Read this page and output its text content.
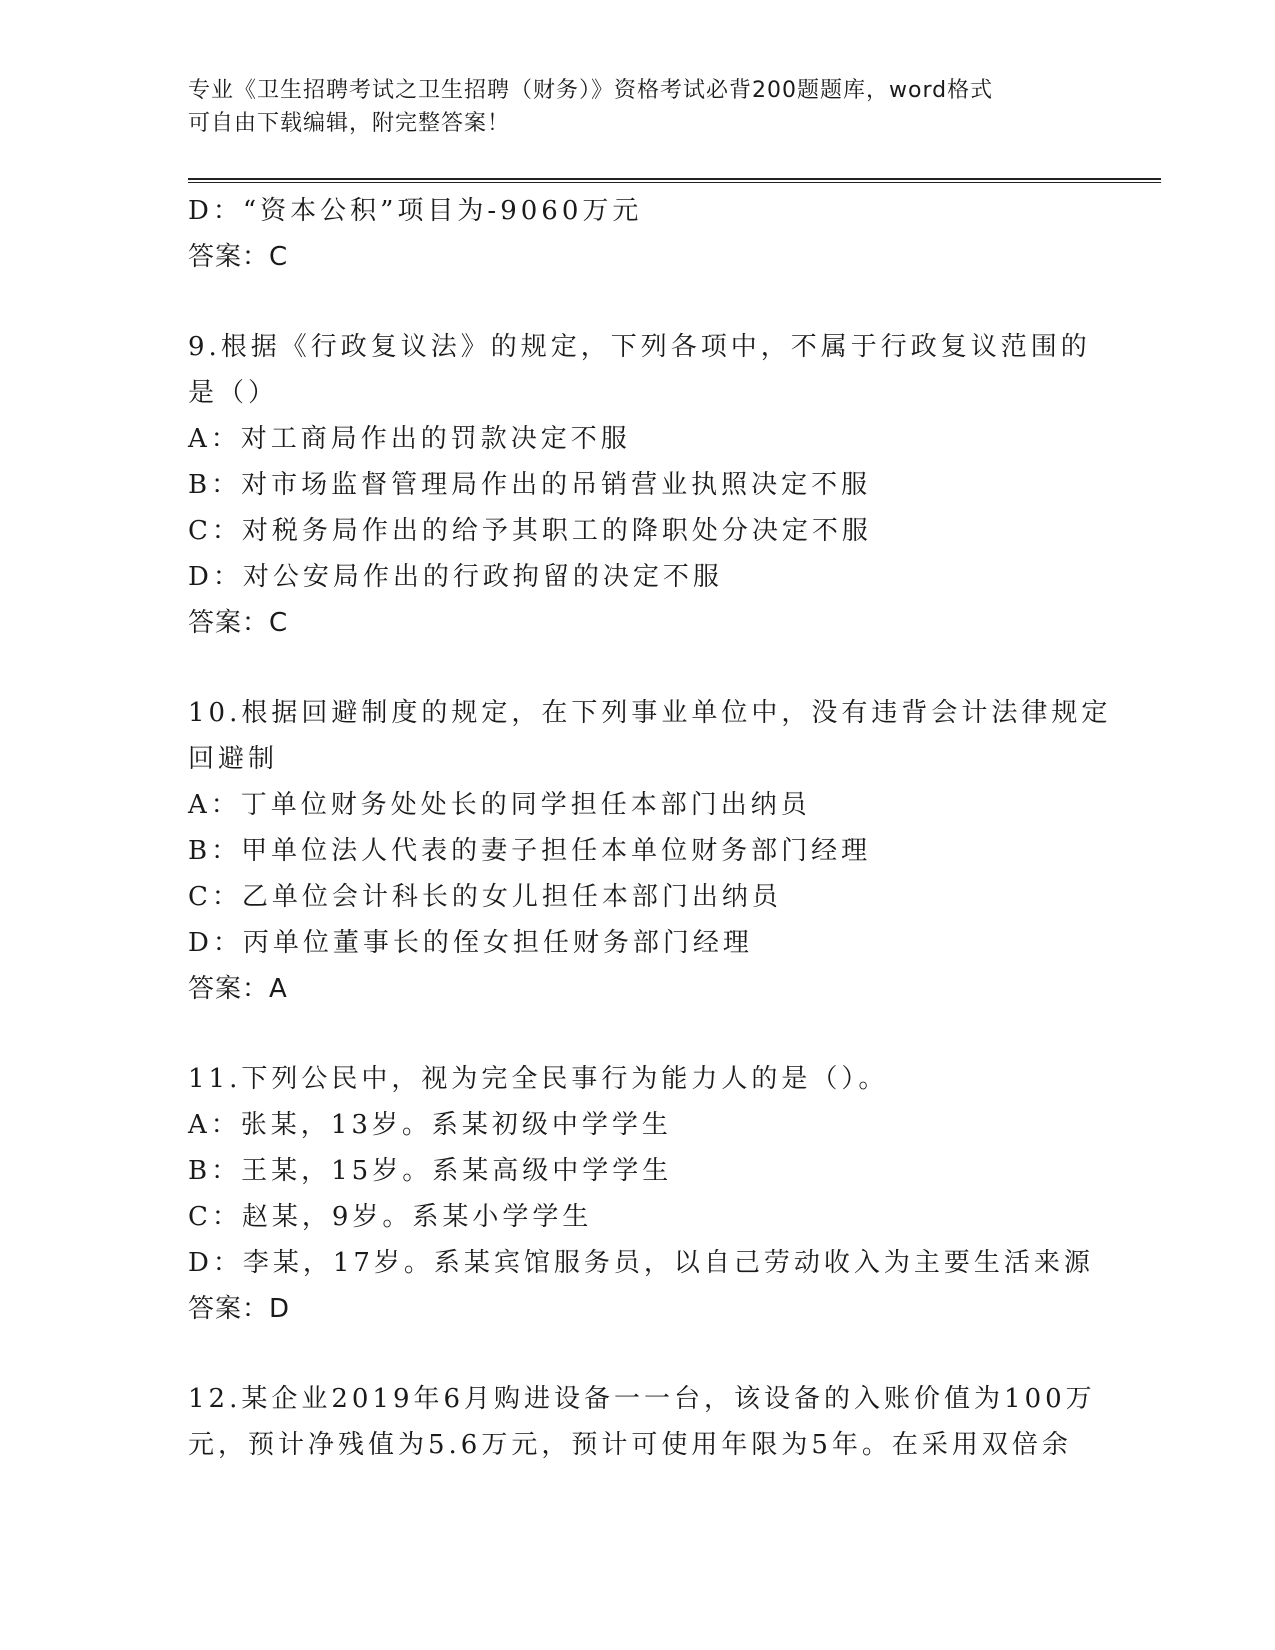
专业《卫生招聘考试之卫生招聘（财务）》资格考试必背200题题库，word格式
可自由下载编辑，附完整答案！
D：“资本公积”项目为-9060万元
答案：C
9.根据《行政复议法》的规定，下列各项中，不属于行政复议范围的
是（）
A：对工商局作出的罚款决定不服
B：对市场监督管理局作出的吊销营业执照决定不服
C：对税务局作出的给予其职工的降职处分决定不服
D：对公安局作出的行政拘留的决定不服
答案：C
10.根据回避制度的规定，在下列事业单位中，没有违背会计法律规定
回避制
A：丁单位财务处处长的同学担任本部门出纳员
B：甲单位法人代表的妻子担任本单位财务部门经理
C：乙单位会计科长的女儿担任本部门出纳员
D：丙单位董事长的侄女担任财务部门经理
答案：A
11.下列公民中，视为完全民事行为能力人的是（）。
A：张某，13岁。系某初级中学学生
B：王某，15岁。系某高级中学学生
C：赵某，9岁。系某小学学生
D：李某，17岁。系某宾馆服务员，以自己劳动收入为主要生活来源
答案：D
12.某企业2019年6月购进设备一一台，该设备的入账价值为100万
元，预计净残值为5.6万元，预计可使用年限为5年。在采用双倍余
